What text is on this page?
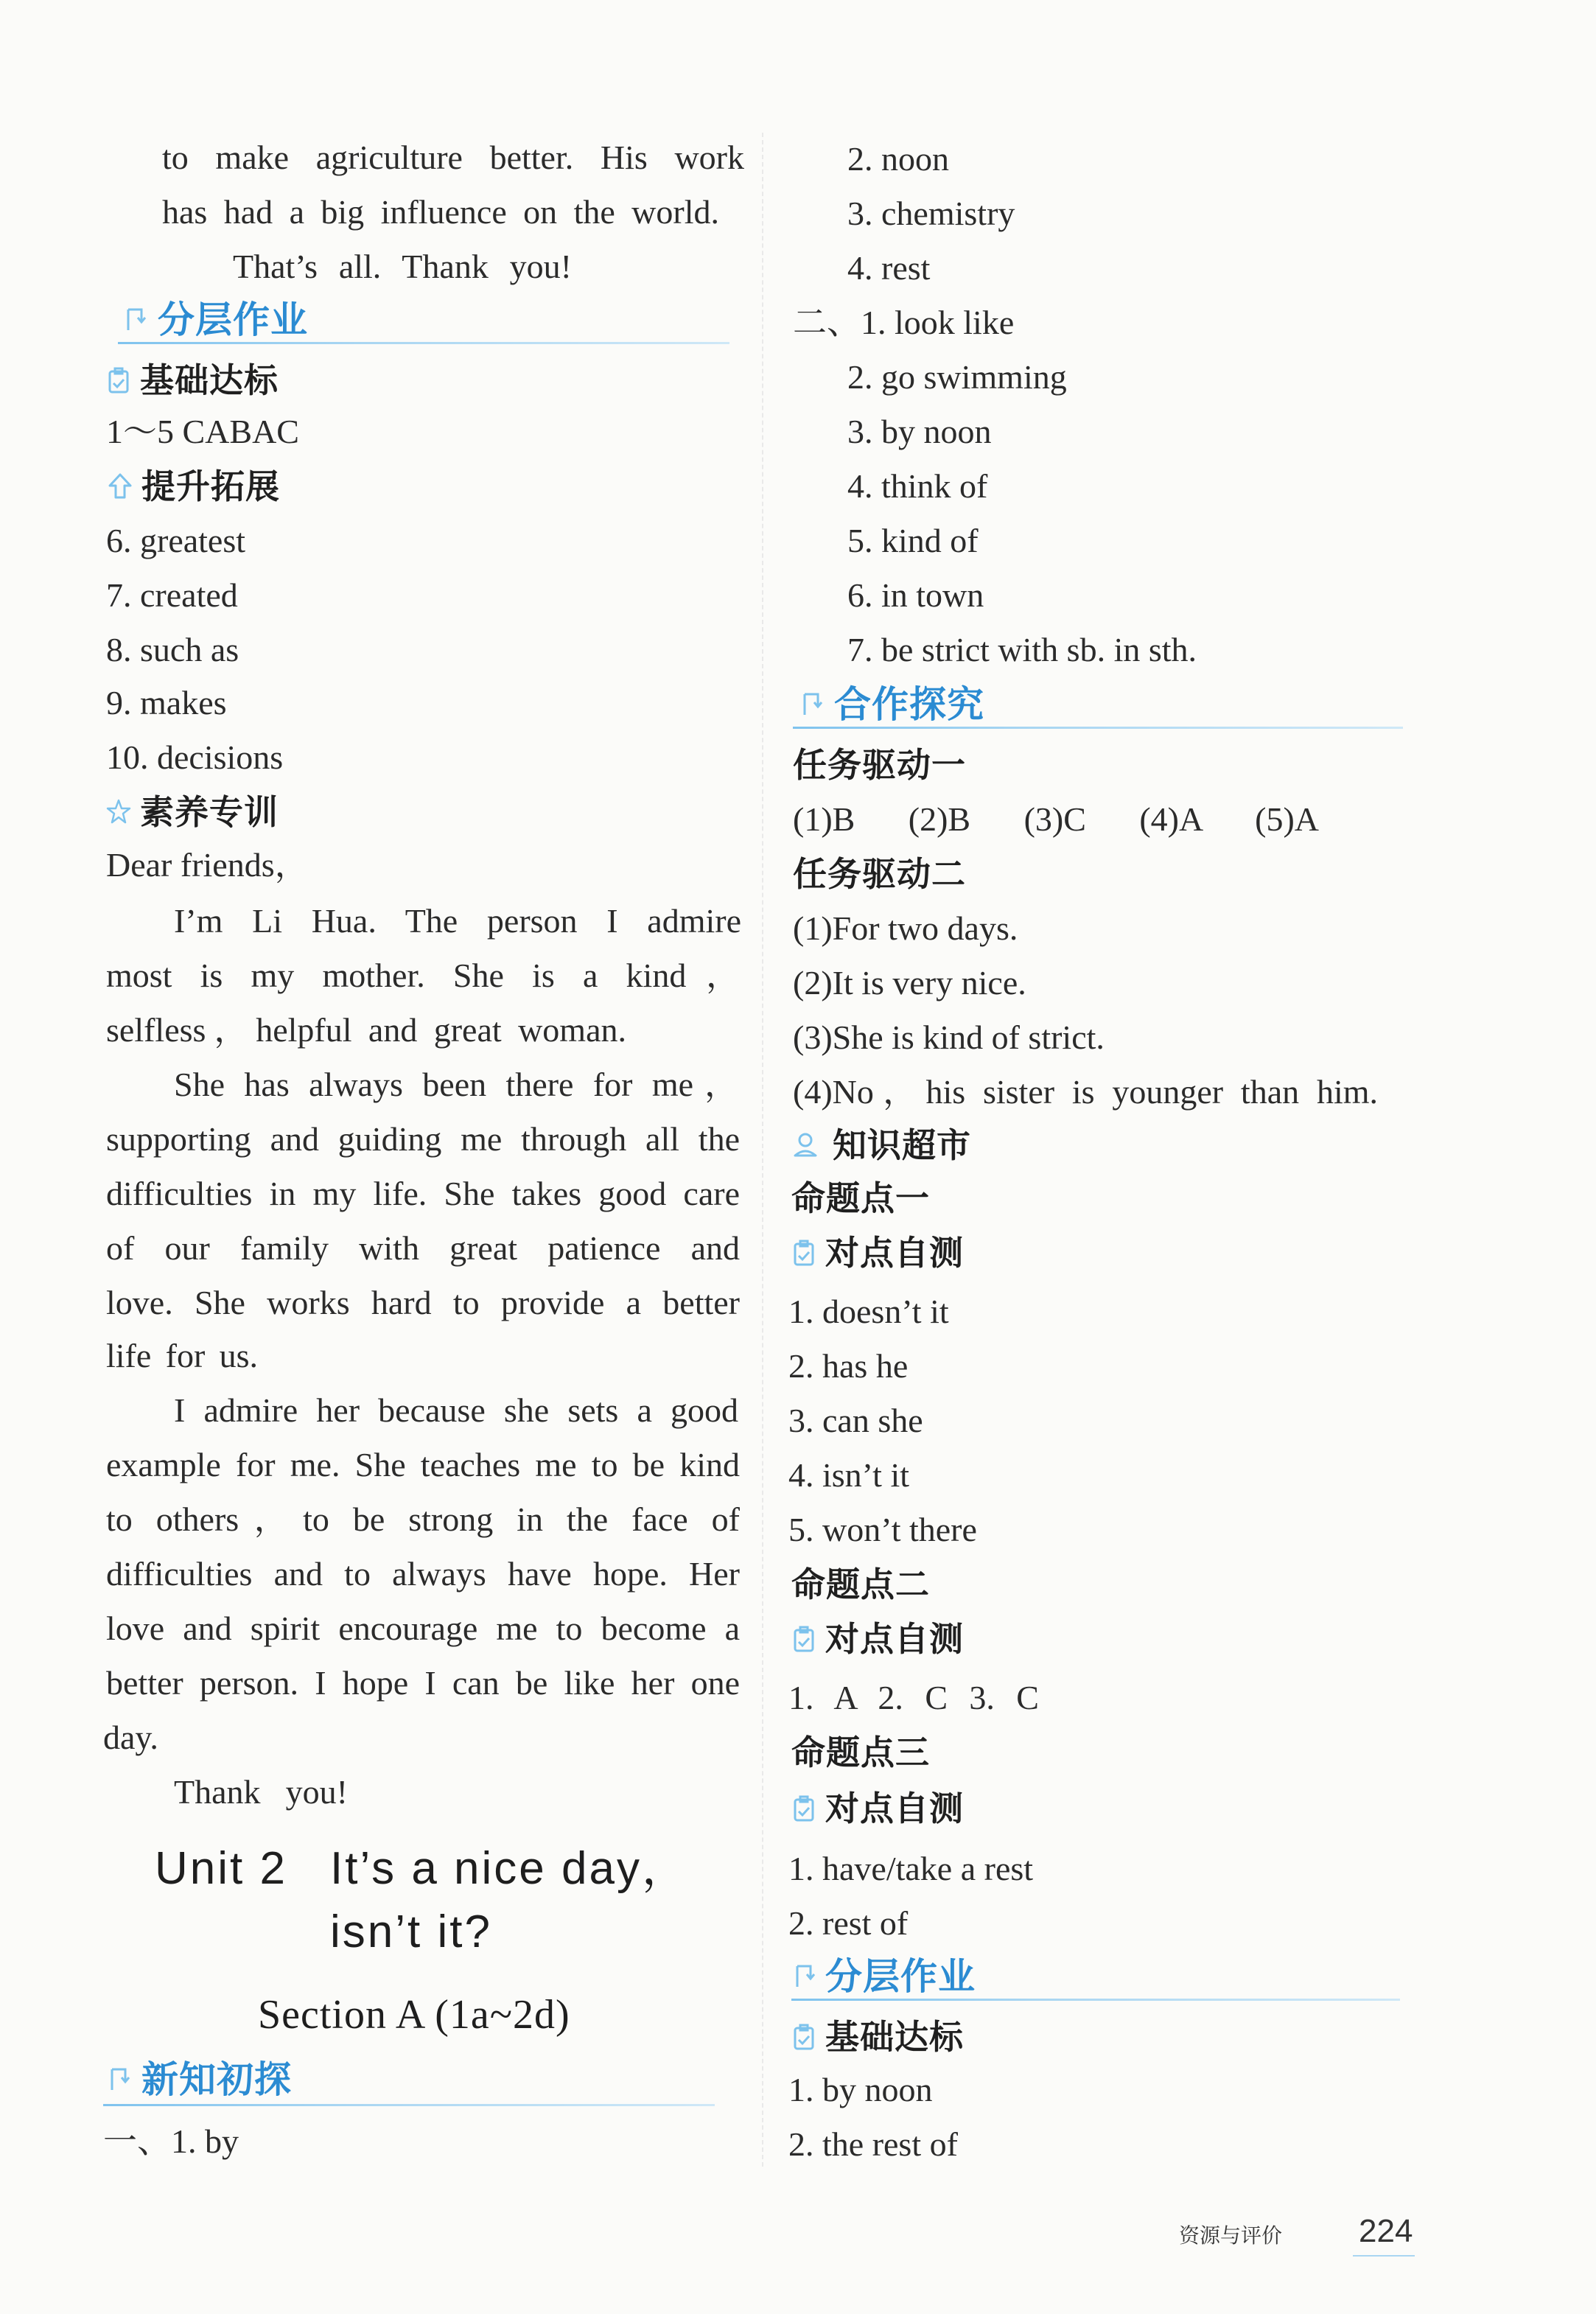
to make agriculture better. His work
has had a big influence on the world.
That’s all. Thank you!
分层作业
基础达标
1～5 CABAC
提升拓展
6. greatest
7. created
8. such as
9. makes
10. decisions
素养专训
Dear friends，
I’m Li Hua. The person I admire
most is my mother. She is a kind，
selfless，helpful and great woman.
She has always been there for me，
supporting and guiding me through all the
difficulties in my life. She takes good care
of our family with great patience and
love. She works hard to provide a better
life for us.
I admire her because she sets a good
example for me. She teaches me to be kind
to others，to be strong in the face of
difficulties and to always have hope. Her
love and spirit encourage me to become a
better person. I hope I can be like her one
day.
Thank you!
Unit 2 It’s a nice day，
isn’t it?
Section A (1a~2d)
新知初探
一、1. by
2. noon
3. chemistry
4. rest
二、1. look like
2. go swimming
3. by noon
4. think of
5. kind of
6. in town
7. be strict with sb. in sth.
合作探究
任务驱动一
(1)B (2)B (3)C (4)A (5)A
任务驱动二
(1)For two days.
(2)It is very nice.
(3)She is kind of strict.
(4)No，his sister is younger than him.
知识超市
命题点一
对点自测
1. doesn’t it
2. has he
3. can she
4. isn’t it
5. won’t there
命题点二
对点自测
1. A 2. C 3. C
命题点三
对点自测
1. have/take a rest
2. rest of
分层作业
基础达标
1. by noon
2. the rest of
资源与评价 224
